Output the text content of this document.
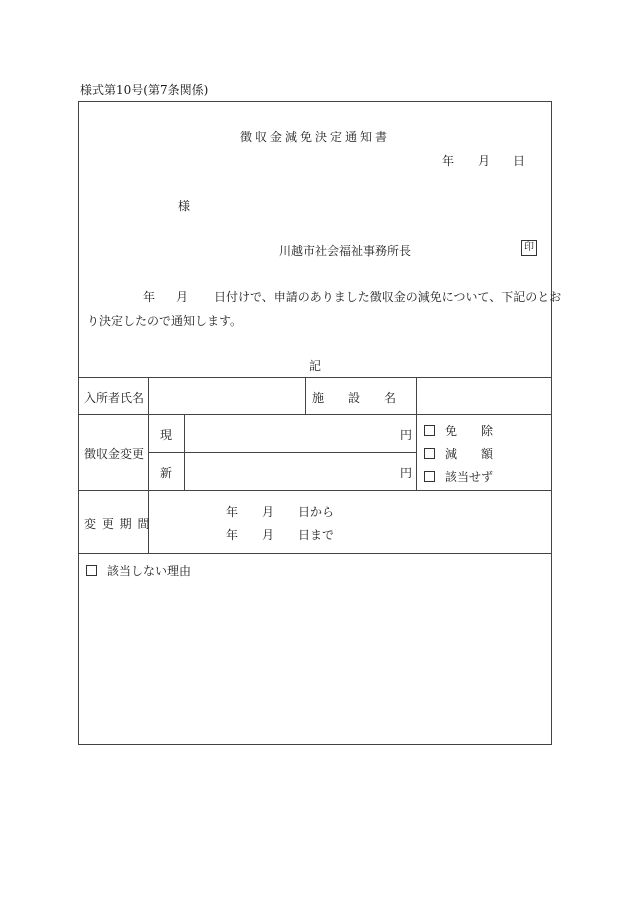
様式第10号(第7条関係)
徴収金減免決定通知書
年 月 日
様
川越市社会福祉事務所長	印
年 月 日付けで、申請のありました徴収金の減免について、下記のとお
り決定したので通知します。
記
入所者氏名	施　　設　　名
徴収金変更
現
新
円
円
免　　除
減　　額
該当せず
変 更 期 間
年　　月　　日から
年　　月　　日まで
該当しない理由
